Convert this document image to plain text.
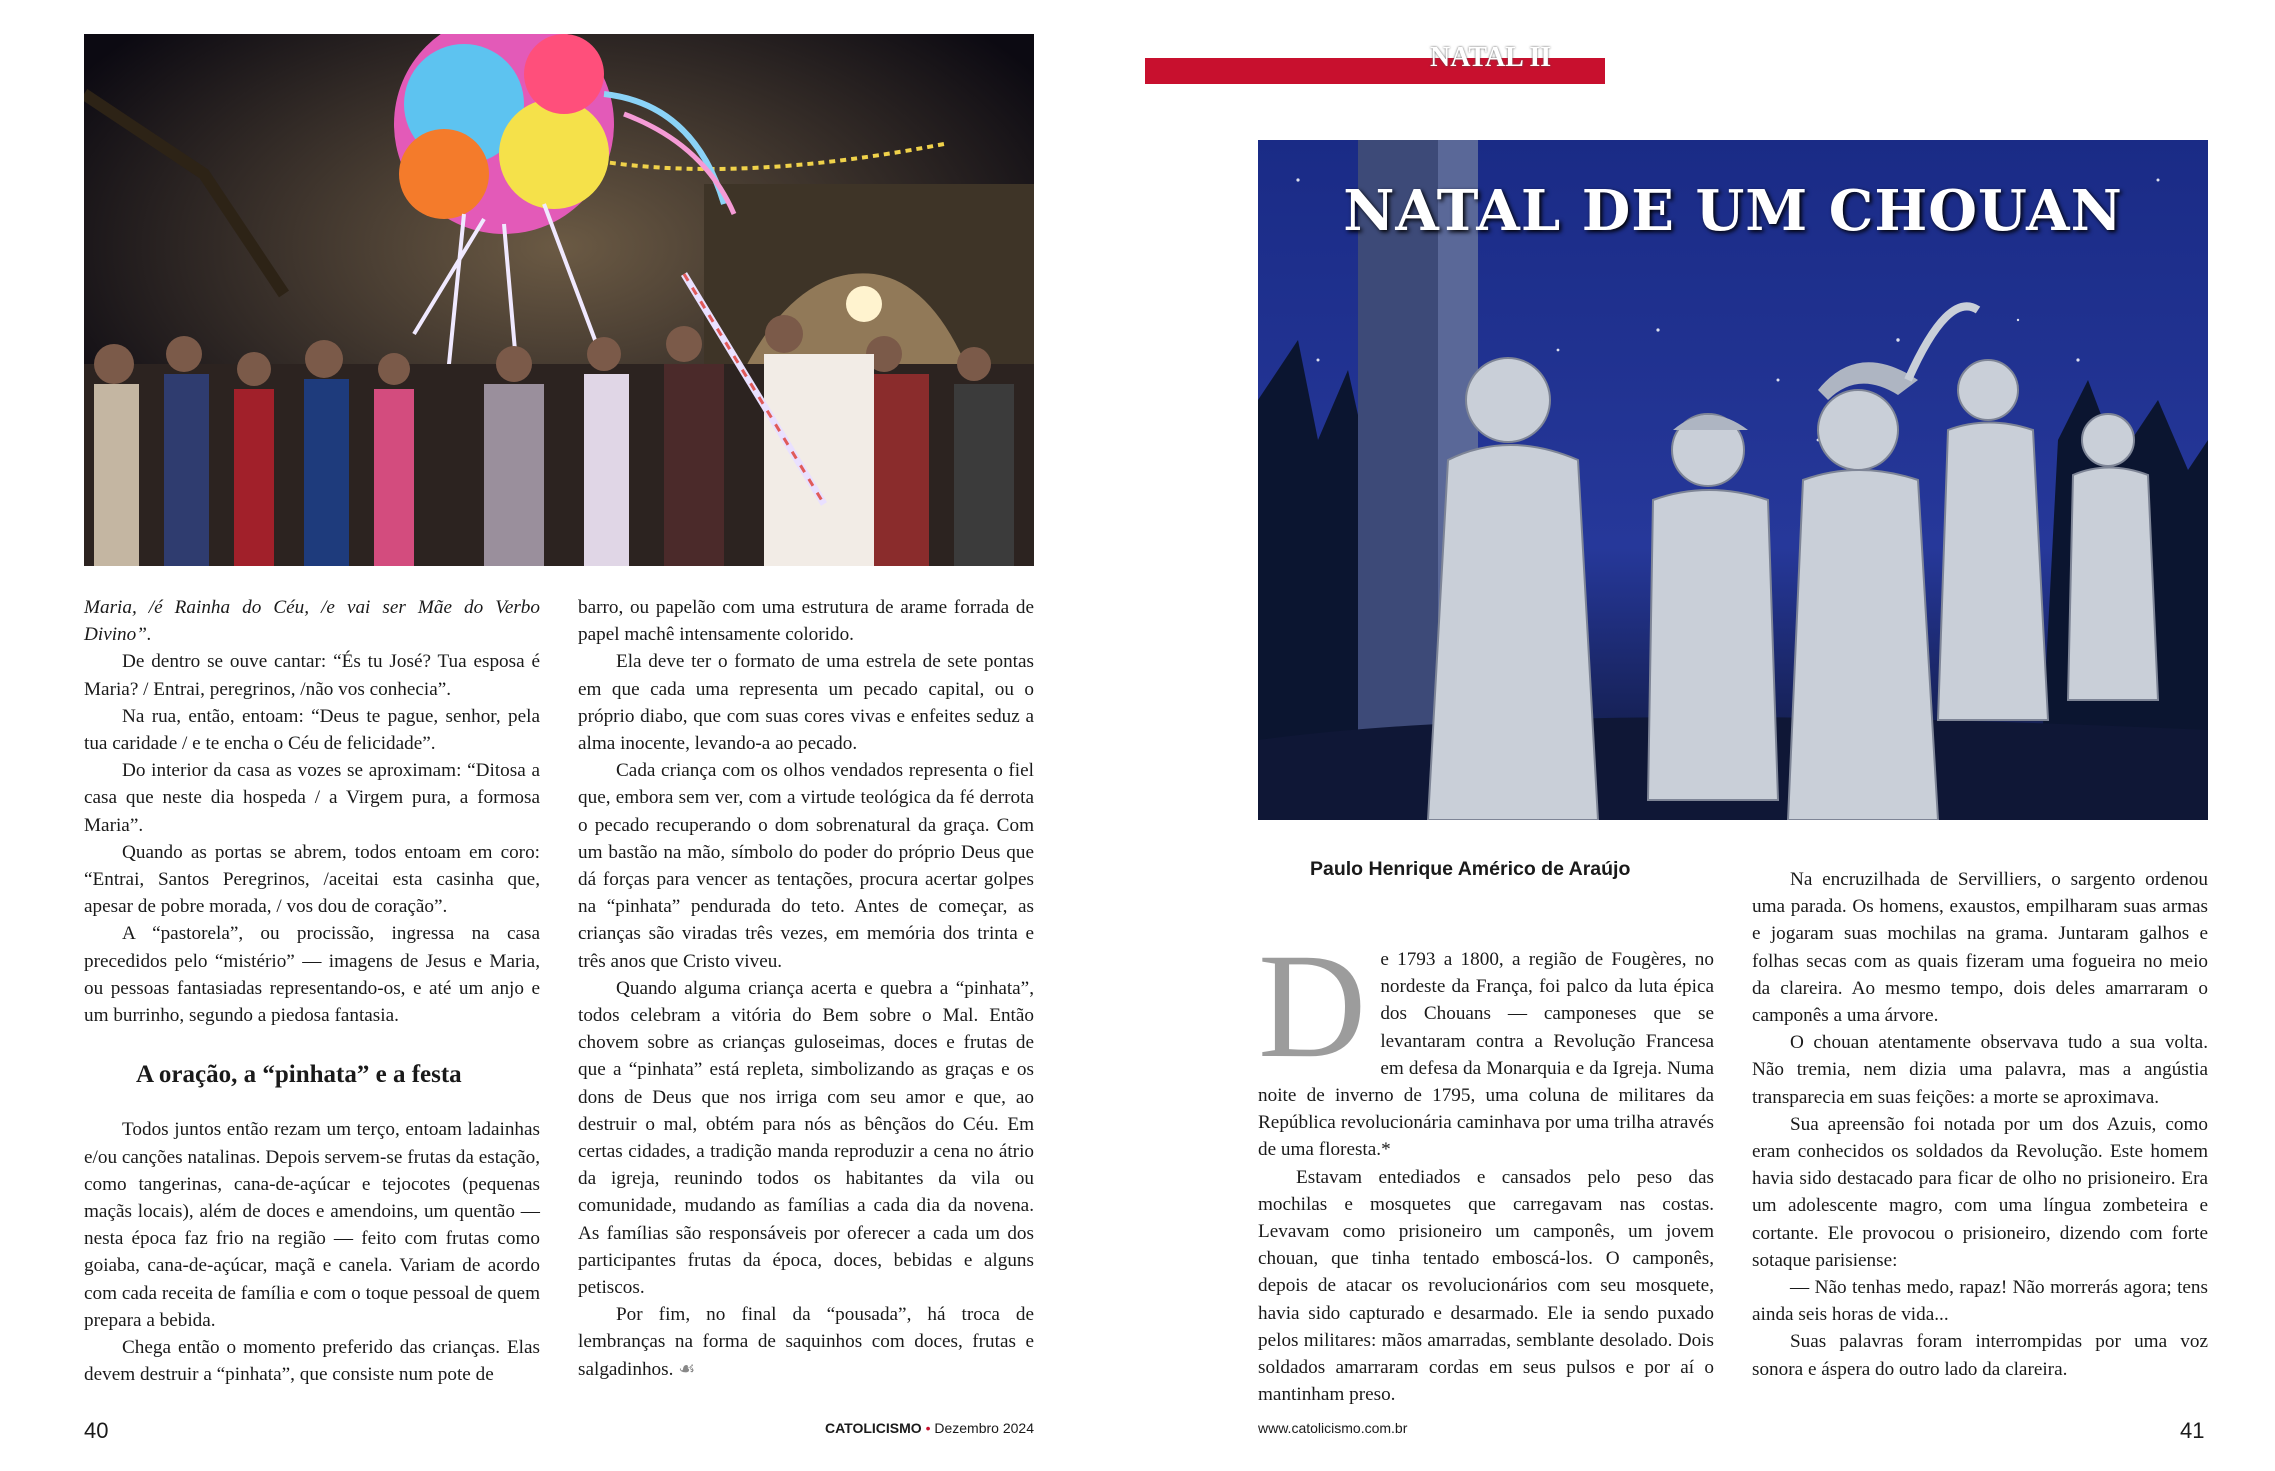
Maria, /é Rainha do Céu, /e vai ser Mãe do Verbo Divino”.

De dentro se ouve cantar: “És tu José? Tua esposa é Maria? / Entrai, peregrinos, /não vos conhecia”.

Na rua, então, entoam: “Deus te pague, senhor, pela tua caridade / e te encha o Céu de felicidade”.

Do interior da casa as vozes se aproximam: “Ditosa a casa que neste dia hospeda / a Virgem pura, a formosa Maria”.

Quando as portas se abrem, todos entoam em coro: “Entrai, Santos Peregrinos, /aceitai esta casinha que, apesar de pobre morada, / vos dou de coração”.

A “pastorela”, ou procissão, ingressa na casa precedidos pelo “mistério” — imagens de Jesus e Maria, ou pessoas fantasiadas representando-os, e até um anjo e um burrinho, segundo a piedosa fantasia.

A oração, a “pinhata” e a festa

Todos juntos então rezam um terço, entoam ladainhas e/ou canções natalinas. Depois servem-se frutas da estação, como tangerinas, cana-de-açúcar e tejocotes (pequenas maçãs locais), além de doces e amendoins, um quentão — nesta época faz frio na região — feito com frutas como goiaba, cana-de-açúcar, maçã e canela. Variam de acordo com cada receita de família e com o toque pessoal de quem prepara a bebida.

Chega então o momento preferido das crianças. Elas devem destruir a “pinhata”, que consiste num pote de

barro, ou papelão com uma estrutura de arame forrada de papel machê intensamente colorido.

Ela deve ter o formato de uma estrela de sete pontas em que cada uma representa um pecado capital, ou o próprio diabo, que com suas cores vivas e enfeites seduz a alma inocente, levando-a ao pecado.

Cada criança com os olhos vendados representa o fiel que, embora sem ver, com a virtude teológica da fé derrota o pecado recuperando o dom sobrenatural da graça. Com um bastão na mão, símbolo do poder do próprio Deus que dá forças para vencer as tentações, procura acertar golpes na “pinhata” pendurada do teto. Antes de começar, as crianças são viradas três vezes, em memória dos trinta e três anos que Cristo viveu.

Quando alguma criança acerta e quebra a “pinhata”, todos celebram a vitória do Bem sobre o Mal. Então chovem sobre as crianças guloseimas, doces e frutas de que a “pinhata” está repleta, simbolizando as graças e os dons de Deus que nos irriga com seu amor e que, ao destruir o mal, obtém para nós as bênçãos do Céu. Em certas cidades, a tradição manda reproduzir a cena no átrio da igreja, reunindo todos os habitantes da vila ou comunidade, mudando as famílias a cada dia da novena. As famílias são responsáveis por oferecer a cada um dos participantes frutas da época, doces, bebidas e alguns petiscos.

Por fim, no final da “pousada”, há troca de lembranças na forma de saquinhos com doces, frutas e salgadinhos. ☙

40	CATOLICISMO • Dezembro 2024
NATAL II
NATAL DE UM CHOUAN
Paulo Henrique Américo de Araújo

De 1793 a 1800, a região de Fougères, no nordeste da França, foi palco da luta épica dos Chouans — camponeses que se levantaram contra a Revolução Francesa em defesa da Monarquia e da Igreja. Numa noite de inverno de 1795, uma coluna de militares da República revolucionária caminhava por uma trilha através de uma floresta.*

Estavam entediados e cansados pelo peso das mochilas e mosquetes que carregavam nas costas. Levavam como prisioneiro um camponês, um jovem chouan, que tinha tentado emboscá-los. O camponês, depois de atacar os revolucionários com seu mosquete, havia sido capturado e desarmado. Ele ia sendo puxado pelos militares: mãos amarradas, semblante desolado. Dois soldados amarraram cordas em seus pulsos e por aí o mantinham preso.

Na encruzilhada de Servilliers, o sargento ordenou uma parada. Os homens, exaustos, empilharam suas armas e jogaram suas mochilas na grama. Juntaram galhos e folhas secas com as quais fizeram uma fogueira no meio da clareira. Ao mesmo tempo, dois deles amarraram o camponês a uma árvore.

O chouan atentamente observava tudo a sua volta. Não tremia, nem dizia uma palavra, mas a angústia transparecia em suas feições: a morte se aproximava.

Sua apreensão foi notada por um dos Azuis, como eram conhecidos os soldados da Revolução. Este homem havia sido destacado para ficar de olho no prisioneiro. Era um adolescente magro, com uma língua zombeteira e cortante. Ele provocou o prisioneiro, dizendo com forte sotaque parisiense:

— Não tenhas medo, rapaz! Não morrerás agora; tens ainda seis horas de vida...

Suas palavras foram interrompidas por uma voz sonora e áspera do outro lado da clareira.

www.catolicismo.com.br	41
